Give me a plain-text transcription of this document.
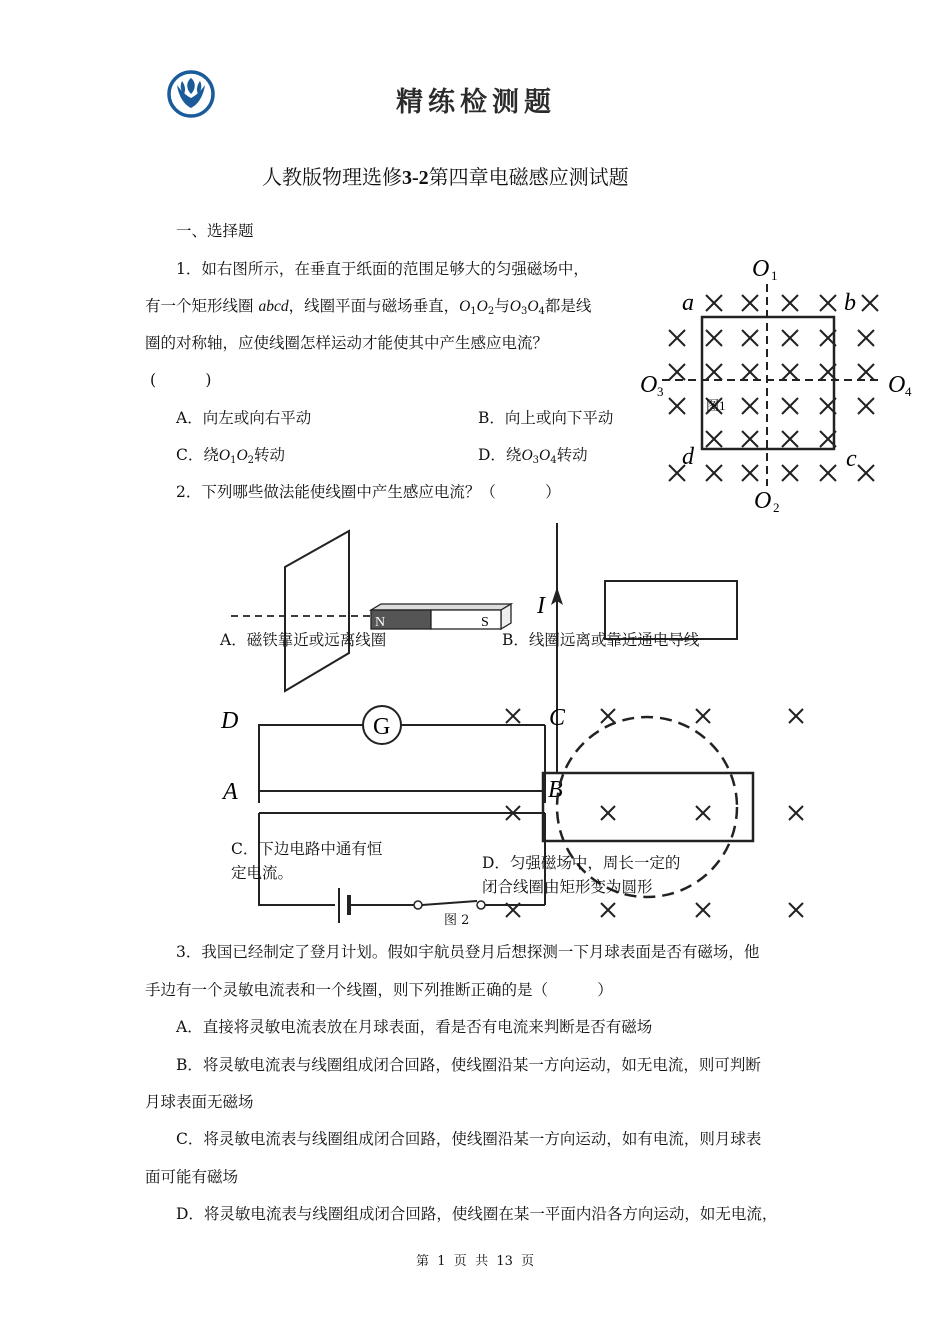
精练检测题
人教版物理选修3-2第四章电磁感应测试题
一、选择题
1．如右图所示，在垂直于纸面的范围足够大的匀强磁场中，
有一个矩形线圈 abcd，线圈平面与磁场垂直，$O_1O_2$与$O_3O_4$都是线
圈的对称轴，应使线圈怎样运动才能使其中产生感应电流？
(          )
A．向左或向右平动	B．向上或向下平动
C．绕$O_1O_2$转动	D．绕$O_3O_4$转动
O 1
O 2
O 3	O 4
a	b
c
d
图1
2．下列哪些做法能使线圈中产生感应电流？（          ）
N	S
I
G
D
A
C
B
A．磁铁靠近或远离线圈	B．线圈远离或靠近通电导线
C．下边电路中通有恒
定电流。
D．匀强磁场中，周长一定的
闭合线圈由矩形变为圆形
图 2
3．我国已经制定了登月计划。假如宇航员登月后想探测一下月球表面是否有磁场，他
手边有一个灵敏电流表和一个线圈，则下列推断正确的是（          ）
A．直接将灵敏电流表放在月球表面，看是否有电流来判断是否有磁场
B．将灵敏电流表与线圈组成闭合回路，使线圈沿某一方向运动，如无电流，则可判断
月球表面无磁场
C．将灵敏电流表与线圈组成闭合回路，使线圈沿某一方向运动，如有电流，则月球表
面可能有磁场
D．将灵敏电流表与线圈组成闭合回路，使线圈在某一平面内沿各方向运动，如无电流，
第  1  页  共  13  页
